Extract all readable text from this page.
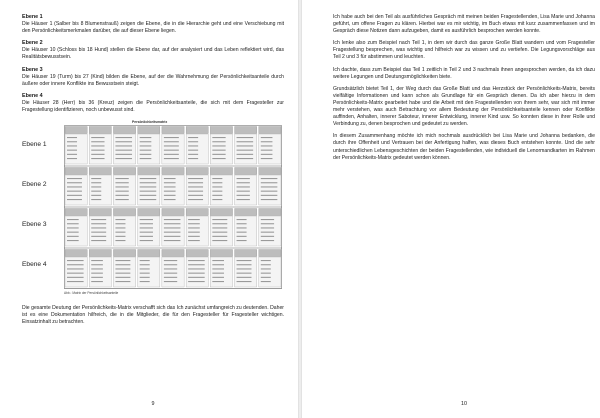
Ebene 1

Die Häuser 1 (Salber bis 8 Blumenstrauß) zeigen die Ebene, die in die Hierarchie geht und eine Verschiebung mit den Persönlichkeitsmerkmalen darüber, die auf dieser Ebene liegen.

Ebene 2

Die Häuser 10 (Schloss bis 18 Hund) stellen die Ebene dar, auf der analysiert und das Leben reflektiert wird, das Realitätsbewusstsein.

Ebene 3

Die Häuser 19 (Turm) bis 27 (Kind) bilden die Ebene, auf der die Wahrnehmung der Persönlichkeitsanteile durch äußere oder innere Konflikte ins Bewusstsein steigt.

Ebene 4

Die Häuser 28 (Herr) bis 36 (Kreuz) zeigen die Persönlichkeitsanteile, die sich mit dem Fragesteller zur Fragestellung identifizieren, noch unbewusst sind.

Persönlichkeitsmatrix
Ebene 1
Ebene 2
Ebene 3
Ebene 4
Abb.: Matrix der Persönlichkeitsanteile

Die gesamte Deutung der Persönlichkeits-Matrix verschafft sich das Ich zunächst umfangreich zu deutenden. Daher ist es eine Dokumentation hilfreich, die in die Mitglieder, die für den Fragesteller für Fragesteller wichtigen. Einsatzinhalt zu betrachten.

9

Ich habe auch bei den Teil als ausführliches Gespräch mit meinen beiden Fragestellenden, Lisa Marie und Johanna geführt, um offene Fragen zu klären. Hierbei war es mir wichtig, im Buch etwas mit kurz zusammenfassen und im Gespräch diese Notizen dann aufzugeben, damit es ausführlich besprochen werden konnte.

Ich lenke also zum Beispiel nach Teil 1, in dem wir durch das ganze Große Blatt wandern und vom Fragesteller Fragestellung besprechen, was wichtig und hilfreich war zu wissen und zu vertiefen. Die Legungsvorschläge aus Teil 2 und 3 für abstimmen und leuchten.

Ich dachte, dass zum Beispiel das Teil 1 zeitlich in Teil 2 und 3 nachmals ihnen angesprochen werden, da ich dazu weitere Legungen und Deutungsmöglichkeiten biete.

Grundsätzlich bietet Teil 1, der Weg durch das Große Blatt und das Herzstück der Persönlichkeits-Matrix, bereits vielfältige Informationen und kann schon als Grundlage für ein Gespräch dienen. Da ich aber hierzu in dem Persönlichkeits-Matrix gearbeitet habe und die Arbeit mit den Fragestellenden von ihrem sehr, war sich mit immer mehr verstehen, was auch Betrachtung vor allem Bedeutung der Persönlichkeitsanteile kennen oder Konflikte auffinden, Anhalten, innerer Saboteur, innerer Entwicklung, innerer Kind usw. So konnten diese in ihrer Rolle und Verbindung zu, denen besprochen und gedeutet zu werden.

In diesem Zusammenhang möchte ich mich nochmals ausdrücklich bei Lisa Marie und Johanna bedanken, die durch ihre Offenheit und Vertrauen bei der Anfertigung halfen, was dieses Buch entstehen konnte. Und die sehr unterschiedlichen Lebensgeschichten der beiden Fragestellenden, wie individuell die Lenormandkarten im Rahmen der Persönlichkeits-Matrix gedeutet werden können.

10
